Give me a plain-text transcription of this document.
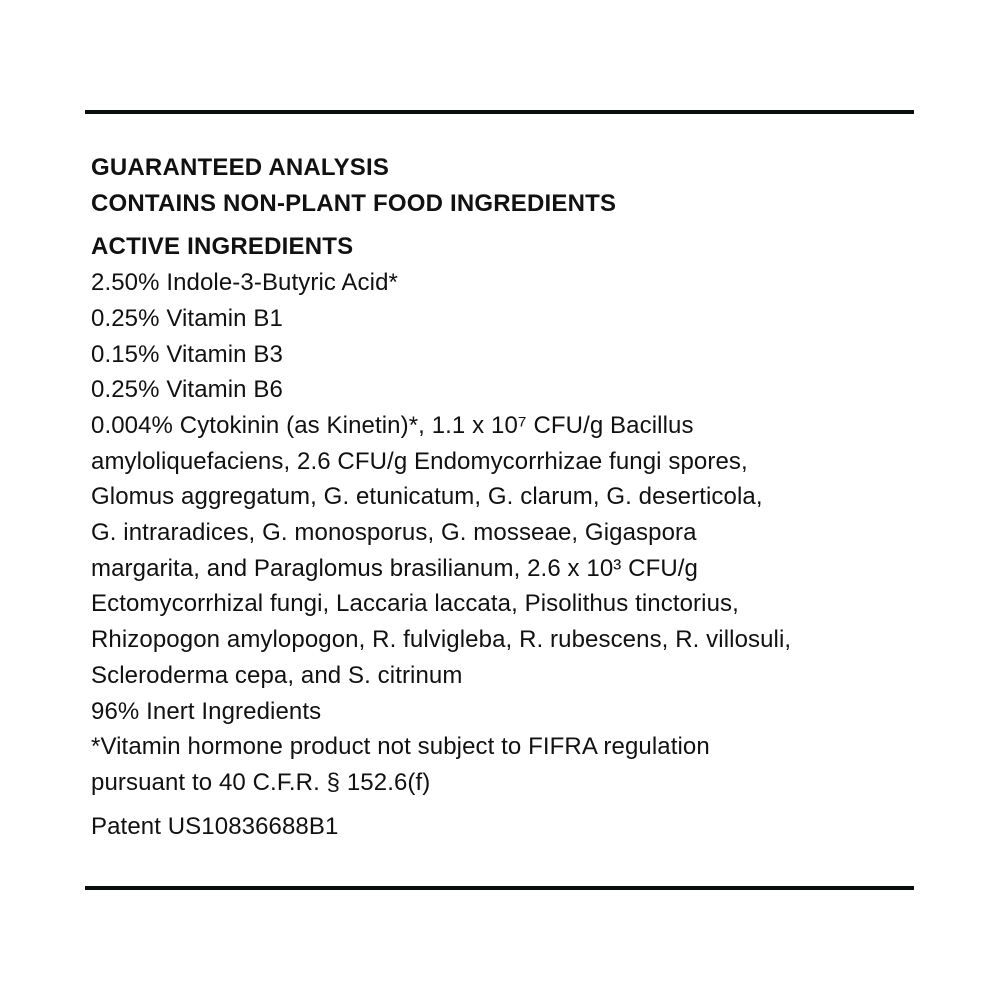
GUARANTEED ANALYSIS
CONTAINS NON-PLANT FOOD INGREDIENTS
ACTIVE INGREDIENTS
2.50% Indole-3-Butyric Acid*
0.25% Vitamin B1
0.15% Vitamin B3
0.25% Vitamin B6
0.004% Cytokinin (as Kinetin)*, 1.1 x 10⁷ CFU/g Bacillus
amyloliquefaciens, 2.6 CFU/g Endomycorrhizae fungi spores,
Glomus aggregatum, G. etunicatum, G. clarum, G. deserticola,
G. intraradices, G. monosporus, G. mosseae, Gigaspora
margarita, and Paraglomus brasilianum, 2.6 x 10³ CFU/g
Ectomycorrhizal fungi, Laccaria laccata, Pisolithus tinctorius,
Rhizopogon amylopogon, R. fulvigleba, R. rubescens, R. villosuli,
Scleroderma cepa, and S. citrinum
96% Inert Ingredients
*Vitamin hormone product not subject to FIFRA regulation
pursuant to 40 C.F.R. § 152.6(f)
Patent US10836688B1
